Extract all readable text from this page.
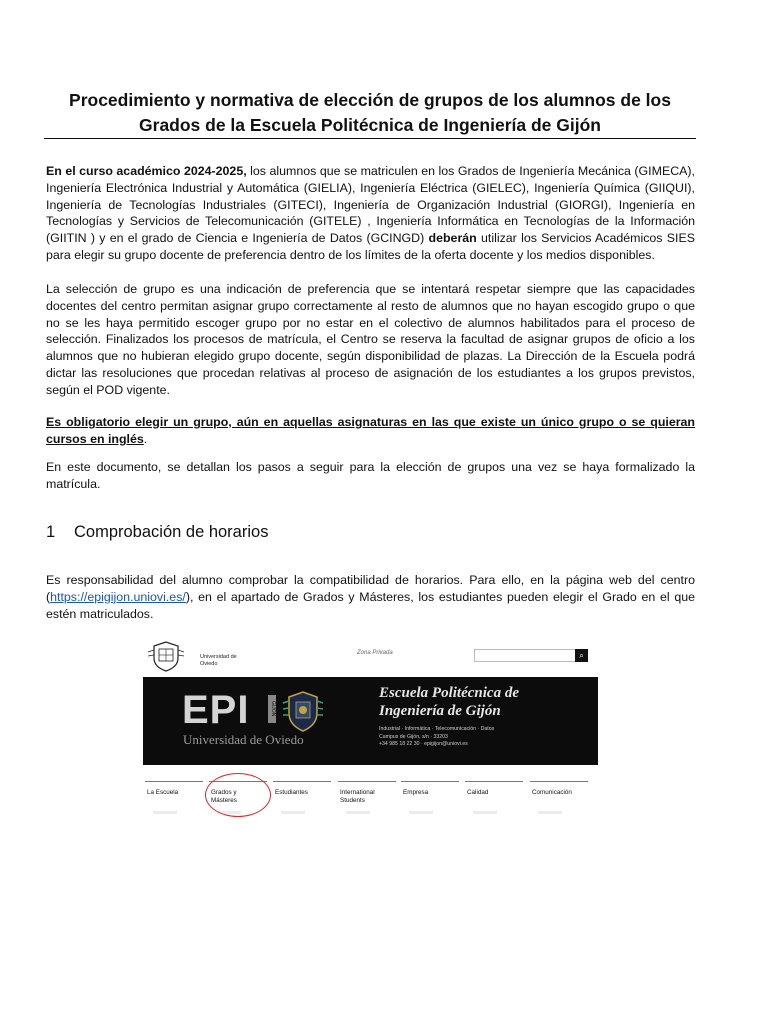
Procedimiento y normativa de elección de grupos de los alumnos de los
Grados de la Escuela Politécnica de Ingeniería de Gijón
En el curso académico 2024-2025, los alumnos que se matriculen en los Grados de Ingeniería Mecánica (GIMECA), Ingeniería Electrónica Industrial y Automática (GIELIA), Ingeniería Eléctrica (GIELEC), Ingeniería Química (GIIQUI), Ingeniería de Tecnologías Industriales (GITECI), Ingeniería de Organización Industrial (GIORGI), Ingeniería en Tecnologías y Servicios de Telecomunicación (GITELE) , Ingeniería Informática en Tecnologías de la Información (GIITIN ) y en el grado de Ciencia e Ingeniería de Datos (GCINGD) deberán utilizar los Servicios Académicos SIES para elegir su grupo docente de preferencia dentro de los límites de la oferta docente y los medios disponibles.
La selección de grupo es una indicación de preferencia que se intentará respetar siempre que las capacidades docentes del centro permitan asignar grupo correctamente al resto de alumnos que no hayan escogido grupo o que no se les haya permitido escoger grupo por no estar en el colectivo de alumnos habilitados para el proceso de selección. Finalizados los procesos de matrícula, el Centro se reserva la facultad de asignar grupos de oficio a los alumnos que no hubieran elegido grupo docente, según disponibilidad de plazas. La Dirección de la Escuela podrá dictar las resoluciones que procedan relativas al proceso de asignación de los estudiantes a los grupos previstos, según el POD vigente.
Es obligatorio elegir un grupo, aún en aquellas asignaturas en las que existe un único grupo o se quieran cursos en inglés.
En este documento, se detallan los pasos a seguir para la elección de grupos una vez se haya formalizado la matrícula.
1 Comprobación de horarios
Es responsabilidad del alumno comprobar la compatibilidad de horarios. Para ello, en la página web del centro (https://epigijon.uniovi.es/), en el apartado de Grados y Másteres, los estudiantes pueden elegir el Grado en el que estén matriculados.
Universidad de
Oviedo
Zona Privada	⌕
EPI	GIJÓN
Universidad de Oviedo
Escuela Politécnica de
Ingeniería de Gijón
Industrial · Informática · Telecomunicación · Datos
Campus de Gijón, s/n · 33203
+34 985 18 22 30 · epigijon@uniovi.es
La Escuela	Grados y
Másteres
Estudiantes	International
Students
Empresa	Calidad	Comunicación
